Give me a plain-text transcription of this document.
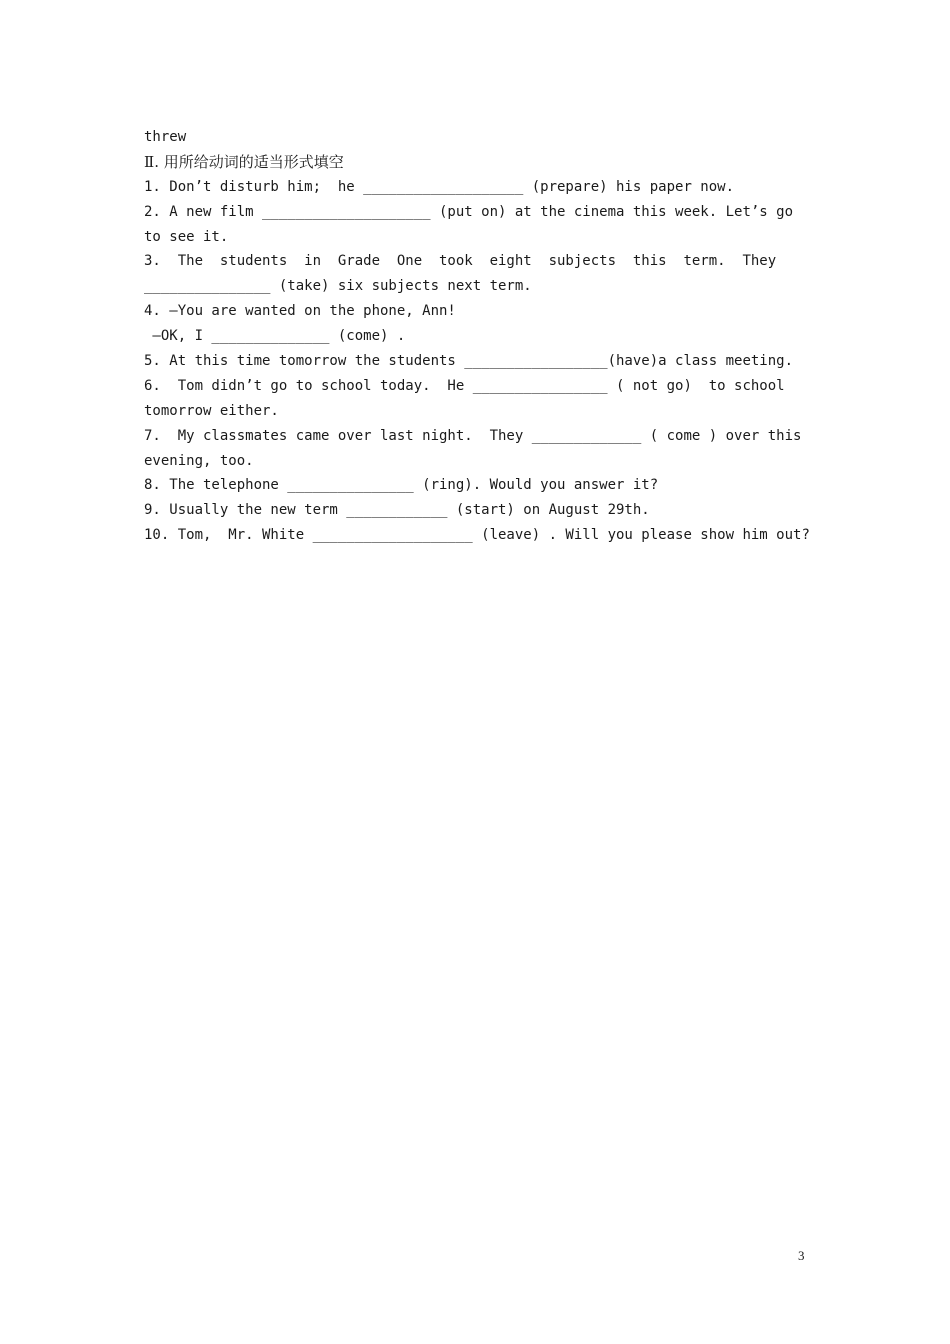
threw
Ⅱ. 用所给动词的适当形式填空
1. Don’t disturb him;  he ___________________ (prepare) his paper now.
2. A new film ____________________ (put on) at the cinema this week. Let’s go
to see it.
3.  The  students  in  Grade  One  took  eight  subjects  this  term.  They
_______________ (take) six subjects next term.
4. —You are wanted on the phone, Ann!
—OK, I ______________ (come) .
5. At this time tomorrow the students _________________(have)a class meeting.
6.  Tom didn’t go to school today.  He ________________ ( not go)  to school
tomorrow either.
7.  My classmates came over last night.  They _____________ ( come ) over this
evening, too.
8. The telephone _______________ (ring). Would you answer it?
9. Usually the new term ____________ (start) on August 29th.
10. Tom,  Mr. White ___________________ (leave) . Will you please show him out?
3
